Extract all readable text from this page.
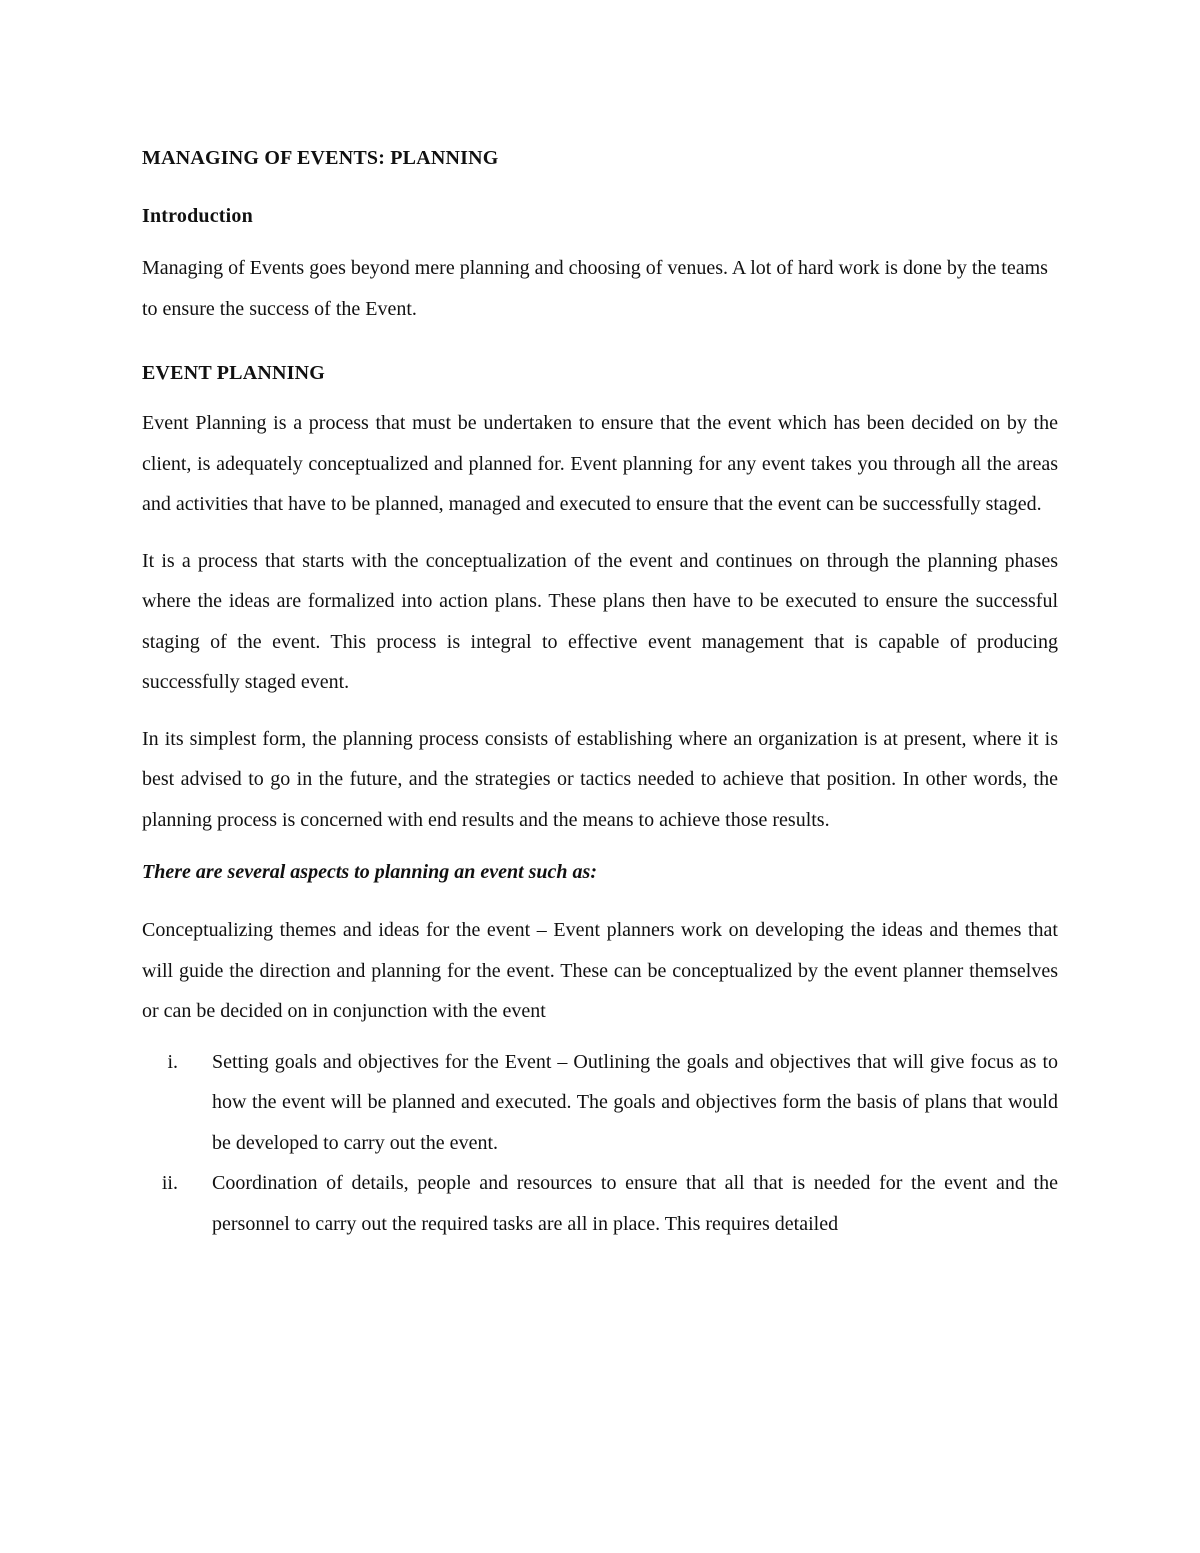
MANAGING OF EVENTS: PLANNING
Introduction

Managing of Events goes beyond mere planning and choosing of venues. A lot of hard work is done by the teams to ensure the success of the Event.

EVENT PLANNING

Event Planning is a process that must be undertaken to ensure that the event which has been decided on by the client, is adequately conceptualized and planned for. Event planning for any event takes you through all the areas and activities that have to be planned, managed and executed to ensure that the event can be successfully staged.

It is a process that starts with the conceptualization of the event and continues on through the planning phases where the ideas are formalized into action plans. These plans then have to be executed to ensure the successful staging of the event. This process is integral to effective event management that is capable of producing successfully staged event.

In its simplest form, the planning process consists of establishing where an organization is at present, where it is best advised to go in the future, and the strategies or tactics needed to achieve that position. In other words, the planning process is concerned with end results and the means to achieve those results.

There are several aspects to planning an event such as:

Conceptualizing themes and ideas for the event – Event planners work on developing the ideas and themes that will guide the direction and planning for the event. These can be conceptualized by the event planner themselves or can be decided on in conjunction with the event

i. Setting goals and objectives for the Event – Outlining the goals and objectives that will give focus as to how the event will be planned and executed. The goals and objectives form the basis of plans that would be developed to carry out the event.
ii. Coordination of details, people and resources to ensure that all that is needed for the event and the personnel to carry out the required tasks are all in place. This requires detailed
